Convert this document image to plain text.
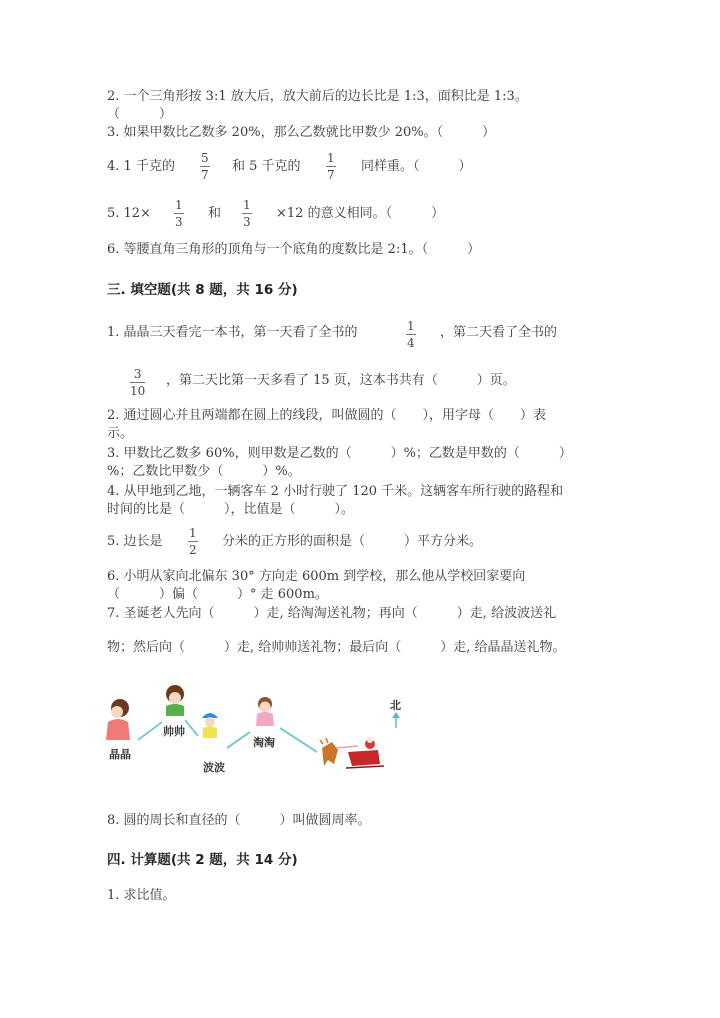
2. 一个三角形按 3:1 放大后，放大前后的边长比是 1:3，面积比是 1:3。
（　　　）
3. 如果甲数比乙数多 20%，那么乙数就比甲数少 20%。（　　　）
4. 1 千克的
5
7
和 5 千克的
1
7
同样重。（　　　）
5. 12×
1
3
和
1
3
×12 的意义相同。（　　　）
6. 等腰直角三角形的顶角与一个底角的度数比是 2:1。（　　　）
三. 填空题(共 8 题，共 16 分)
1. 晶晶三天看完一本书，第一天看了全书的	1
4
，第二天看了全书的
3
10
，第二天比第一天多看了 15 页，这本书共有（　　　）页。
2. 通过圆心并且两端都在圆上的线段，叫做圆的（　　），用字母（　　）表
示。
3. 甲数比乙数多 60%，则甲数是乙数的（　　　）%；乙数是甲数的（　　　）
%；乙数比甲数少（　　　）%。
4. 从甲地到乙地，一辆客车 2 小时行驶了 120 千米。这辆客车所行驶的路程和
时间的比是（　　　），比值是（　　　）。
5. 边长是
1
2
分米的正方形的面积是（　　　）平方分米。
6. 小明从家向北偏东 30° 方向走 600m 到学校，那么他从学校回家要向
（　　　）偏（　　　）° 走 600m。
7. 圣诞老人先向（　　　）走, 给淘淘送礼物；再向（　　　）走, 给波波送礼
物；然后向（　　　）走, 给帅帅送礼物；最后向（　　　）走, 给晶晶送礼物。
晶晶
帅帅
波波
淘淘
北
8. 圆的周长和直径的（　　　）叫做圆周率。
四. 计算题(共 2 题，共 14 分)
1. 求比值。
